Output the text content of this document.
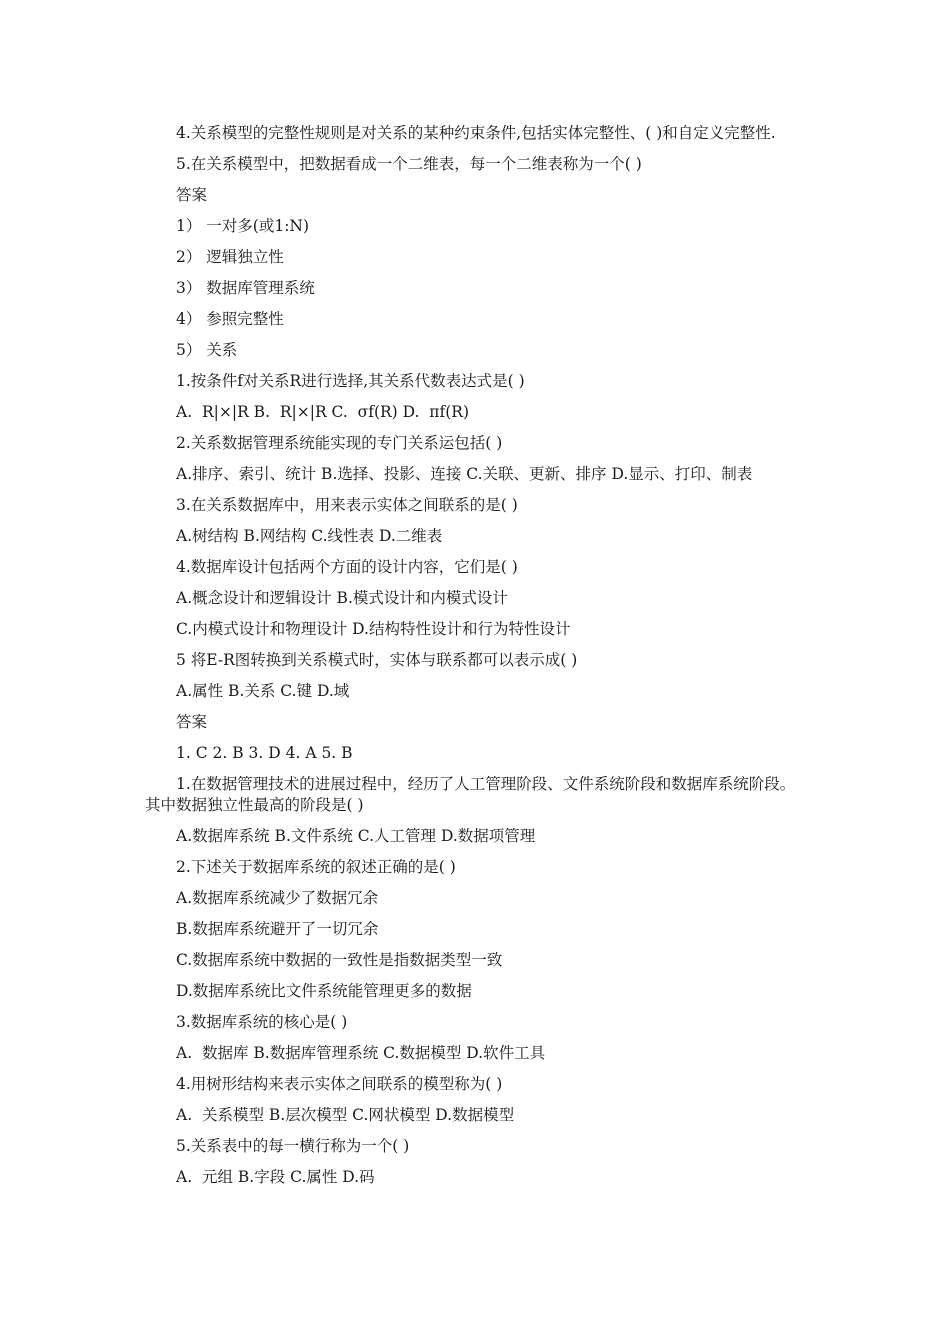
4.关系模型的完整性规则是对关系的某种约束条件,包括实体完整性、( )和自定义完整性.

5.在关系模型中，把数据看成一个二维表，每一个二维表称为一个( )

答案

1） 一对多(或1:N)

2） 逻辑独立性

3） 数据库管理系统

4） 参照完整性

5） 关系

1.按条件f对关系R进行选择,其关系代数表达式是( )

A.  R|×|R B.  R|×|R C.  σf(R) D.  πf(R)

2.关系数据管理系统能实现的专门关系运包括( )

A.排序、索引、统计 B.选择、投影、连接 C.关联、更新、排序 D.显示、打印、制表

3.在关系数据库中，用来表示实体之间联系的是( )

A.树结构 B.网结构 C.线性表 D.二维表

4.数据库设计包括两个方面的设计内容，它们是( )

A.概念设计和逻辑设计 B.模式设计和内模式设计

C.内模式设计和物理设计 D.结构特性设计和行为特性设计

5 将E-R图转换到关系模式时，实体与联系都可以表示成( )

A.属性 B.关系 C.键 D.域

答案

1. C 2. B 3. D 4. A 5. B

1.在数据管理技术的进展过程中，经历了人工管理阶段、文件系统阶段和数据库系统阶段。其中数据独立性最高的阶段是( )

A.数据库系统 B.文件系统 C.人工管理 D.数据项管理

2.下述关于数据库系统的叙述正确的是( )

A.数据库系统减少了数据冗余

B.数据库系统避开了一切冗余

C.数据库系统中数据的一致性是指数据类型一致

D.数据库系统比文件系统能管理更多的数据

3.数据库系统的核心是( )

A.  数据库 B.数据库管理系统 C.数据模型 D.软件工具

4.用树形结构来表示实体之间联系的模型称为( )

A.  关系模型 B.层次模型 C.网状模型 D.数据模型

5.关系表中的每一横行称为一个( )

A.  元组 B.字段 C.属性 D.码
